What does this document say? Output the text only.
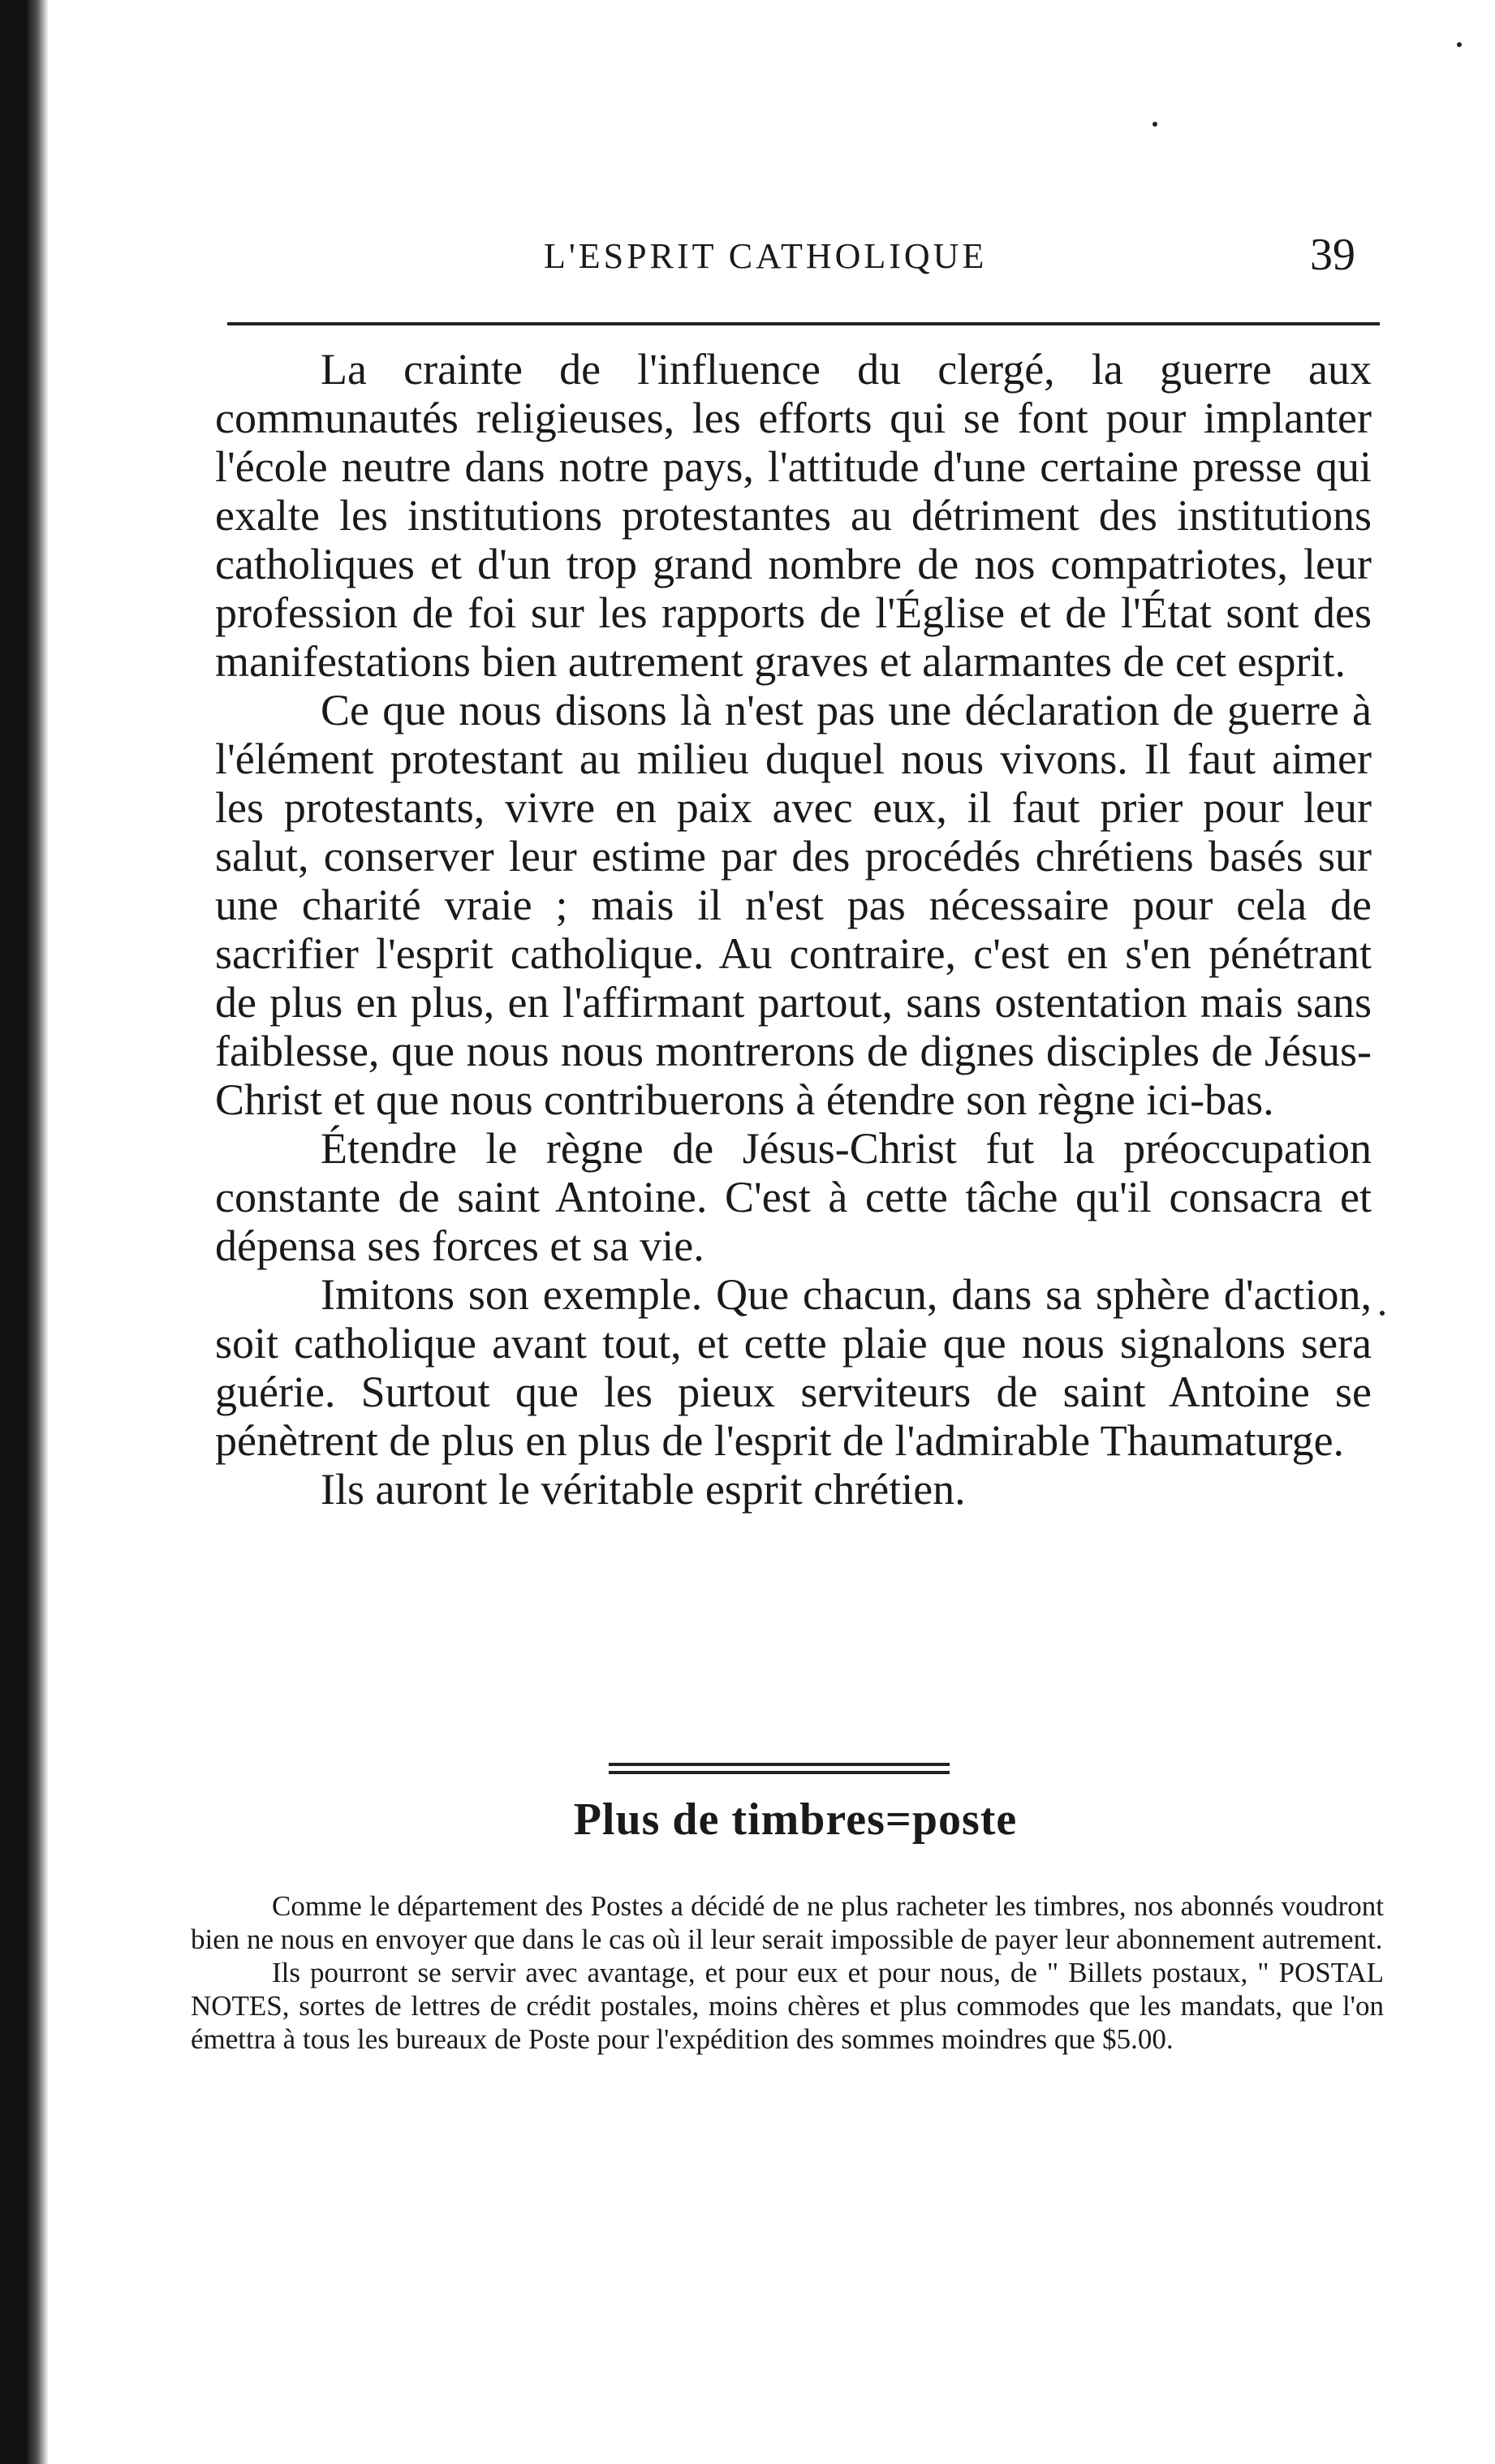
L'ESPRIT CATHOLIQUE	39

La crainte de l'influence du clergé, la guerre aux communautés religieuses, les efforts qui se font pour implanter l'école neutre dans notre pays, l'attitude d'une certaine presse qui exalte les institutions protestantes au détriment des institutions catholiques et d'un trop grand nombre de nos compatriotes, leur profession de foi sur les rapports de l'Église et de l'État sont des manifestations bien autrement graves et alarmantes de cet esprit.

Ce que nous disons là n'est pas une déclaration de guerre à l'élément protestant au milieu duquel nous vivons. Il faut aimer les protestants, vivre en paix avec eux, il faut prier pour leur salut, conserver leur estime par des procédés chrétiens basés sur une charité vraie ; mais il n'est pas nécessaire pour cela de sacrifier l'esprit catholique. Au contraire, c'est en s'en pénétrant de plus en plus, en l'affirmant partout, sans ostentation mais sans faiblesse, que nous nous montrerons de dignes disciples de Jésus-Christ et que nous contribuerons à étendre son règne ici-bas.

Étendre le règne de Jésus-Christ fut la préoccupation constante de saint Antoine. C'est à cette tâche qu'il consacra et dépensa ses forces et sa vie.

Imitons son exemple. Que chacun, dans sa sphère d'action, soit catholique avant tout, et cette plaie que nous signalons sera guérie. Surtout que les pieux serviteurs de saint Antoine se pénètrent de plus en plus de l'esprit de l'admirable Thaumaturge.

Ils auront le véritable esprit chrétien.

Plus de timbres=poste

Comme le département des Postes a décidé de ne plus racheter les timbres, nos abonnés voudront bien ne nous en envoyer que dans le cas où il leur serait impossible de payer leur abonnement autrement.

Ils pourront se servir avec avantage, et pour eux et pour nous, de " Billets postaux, " POSTAL NOTES, sortes de lettres de crédit postales, moins chères et plus commodes que les mandats, que l'on émettra à tous les bureaux de Poste pour l'expédition des sommes moindres que $5.00.
